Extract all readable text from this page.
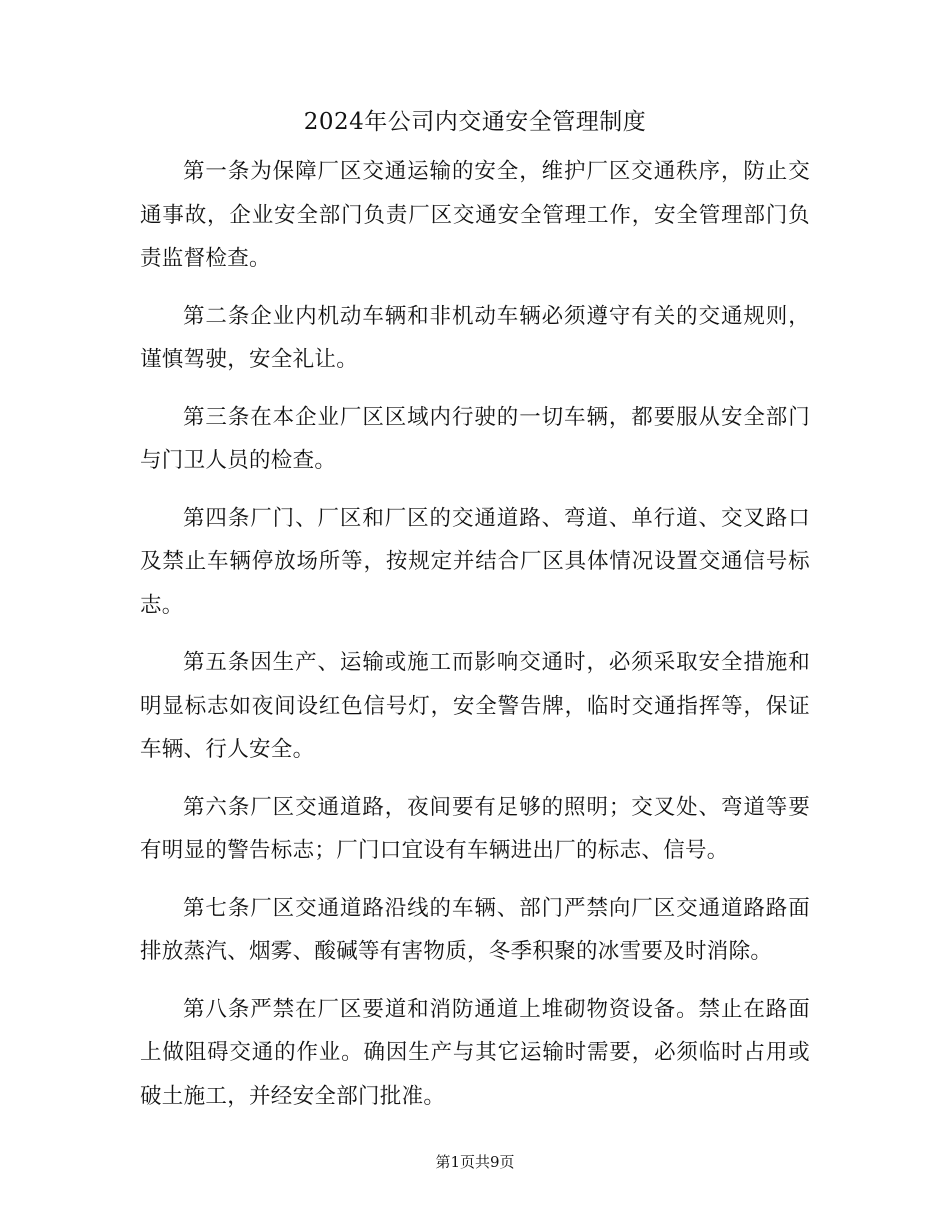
2024年公司内交通安全管理制度

第一条为保障厂区交通运输的安全，维护厂区交通秩序，防止交通事故，企业安全部门负责厂区交通安全管理工作，安全管理部门负责监督检查。

第二条企业内机动车辆和非机动车辆必须遵守有关的交通规则，谨慎驾驶，安全礼让。

第三条在本企业厂区区域内行驶的一切车辆，都要服从安全部门与门卫人员的检查。

第四条厂门、厂区和厂区的交通道路、弯道、单行道、交叉路口及禁止车辆停放场所等，按规定并结合厂区具体情况设置交通信号标志。

第五条因生产、运输或施工而影响交通时，必须采取安全措施和明显标志如夜间设红色信号灯，安全警告牌，临时交通指挥等，保证车辆、行人安全。

第六条厂区交通道路，夜间要有足够的照明；交叉处、弯道等要有明显的警告标志；厂门口宜设有车辆进出厂的标志、信号。

第七条厂区交通道路沿线的车辆、部门严禁向厂区交通道路路面排放蒸汽、烟雾、酸碱等有害物质，冬季积聚的冰雪要及时消除。

第八条严禁在厂区要道和消防通道上堆砌物资设备。禁止在路面上做阻碍交通的作业。确因生产与其它运输时需要，必须临时占用或破土施工，并经安全部门批准。

第1页共9页
